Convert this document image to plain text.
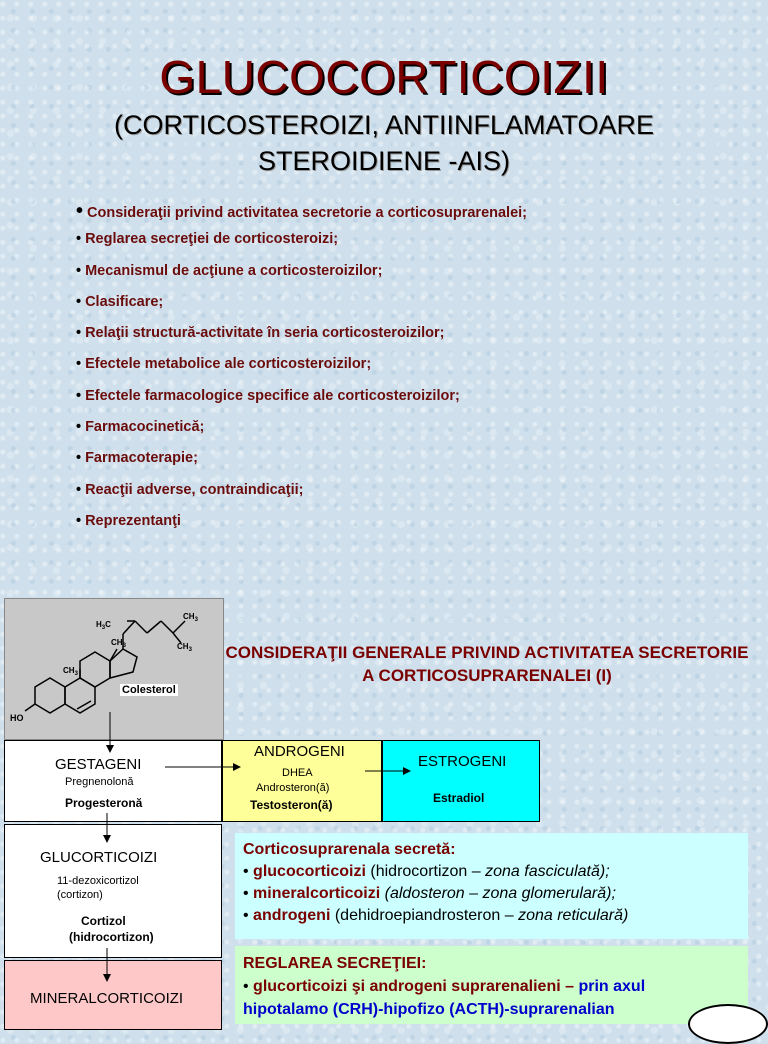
GLUCOCORTICOIZII
(CORTICOSTEROIZI, ANTIINFLAMATOARE STEROIDIENE -AIS)
• Consideraţii privind activitatea secretorie a corticosuprarenalei;
• Reglarea secreţiei de corticosteroizi;
• Mecanismul de acţiune a corticosteroizilor;
• Clasificare;
• Relaţii structură-activitate în seria corticosteroizilor;
• Efectele metabolice ale corticosteroizilor;
• Efectele farmacologice specifice ale corticosteroizilor;
• Farmacocinetică;
• Farmacoterapie;
• Reacţii adverse, contraindicaţii;
• Reprezentanţi
$H_3C$
$CH_3$
$CH_3$
$CH_3$
$CH_3$
HO
Colesterol
CONSIDERAŢII GENERALE PRIVIND ACTIVITATEA SECRETORIE A CORTICOSUPRARENALEI (I)
GESTAGENI
Pregnenolonă
Progesteronă
ANDROGENI
DHEA
Androsteron(ă)
Testosteron(ă)
ESTROGENI
Estradiol
GLUCORTICOIZI
11-dezoxicortizol
(cortizon)
Cortizol
(hidrocortizon)
MINERALCORTICOIZI
Corticosuprarenala secretă:
• glucocorticoizi (hidrocortizon – zona fasciculată);
• mineralcorticoizi (aldosteron – zona glomerulară);
• androgeni (dehidroepiandrosteron – zona reticulară)
REGLAREA SECREŢIEI:
• glucorticoizi şi androgeni suprarenalieni – prin axul
hipotalamo (CRH)-hipofizo (ACTH)-suprarenalian
